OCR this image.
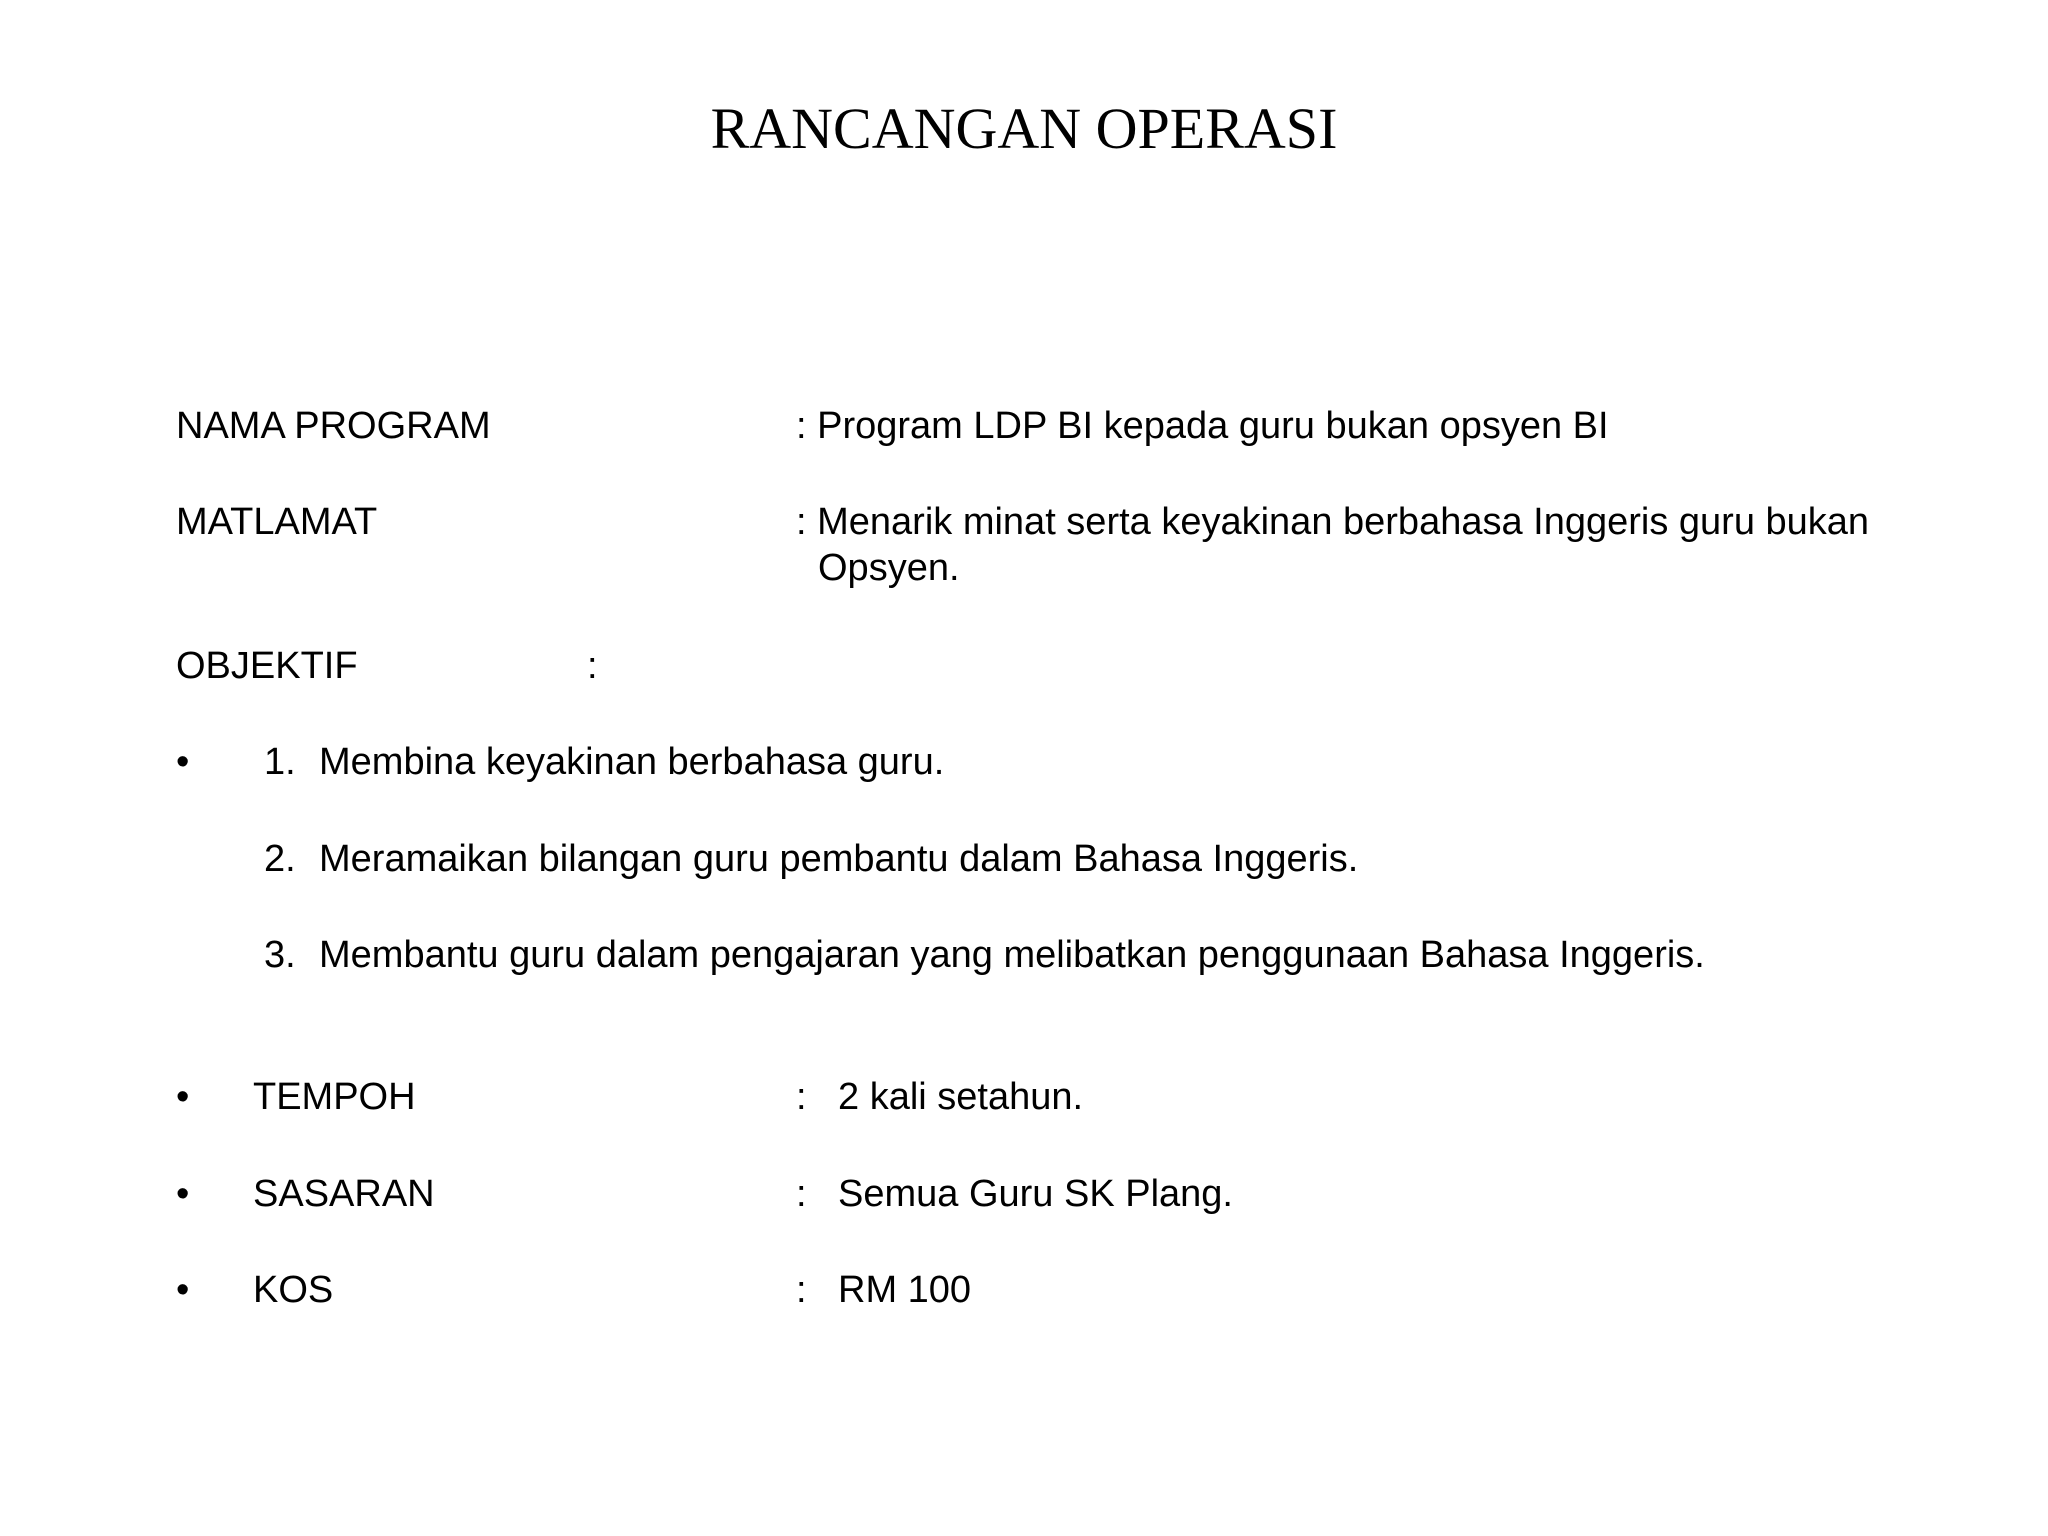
RANCANGAN OPERASI
NAMA PROGRAM	: Program LDP BI kepada guru bukan opsyen BI
MATLAMAT	: Menarik minat serta keyakinan berbahasa Inggeris guru bukan
Opsyen.
OBJEKTIF	:
• 1. Membina keyakinan berbahasa guru.
2. Meramaikan bilangan guru pembantu dalam Bahasa Inggeris.
3. Membantu guru dalam pengajaran yang melibatkan penggunaan Bahasa Inggeris.
• TEMPOH	: 2 kali setahun.
• SASARAN	: Semua Guru SK Plang.
• KOS	: RM 100
